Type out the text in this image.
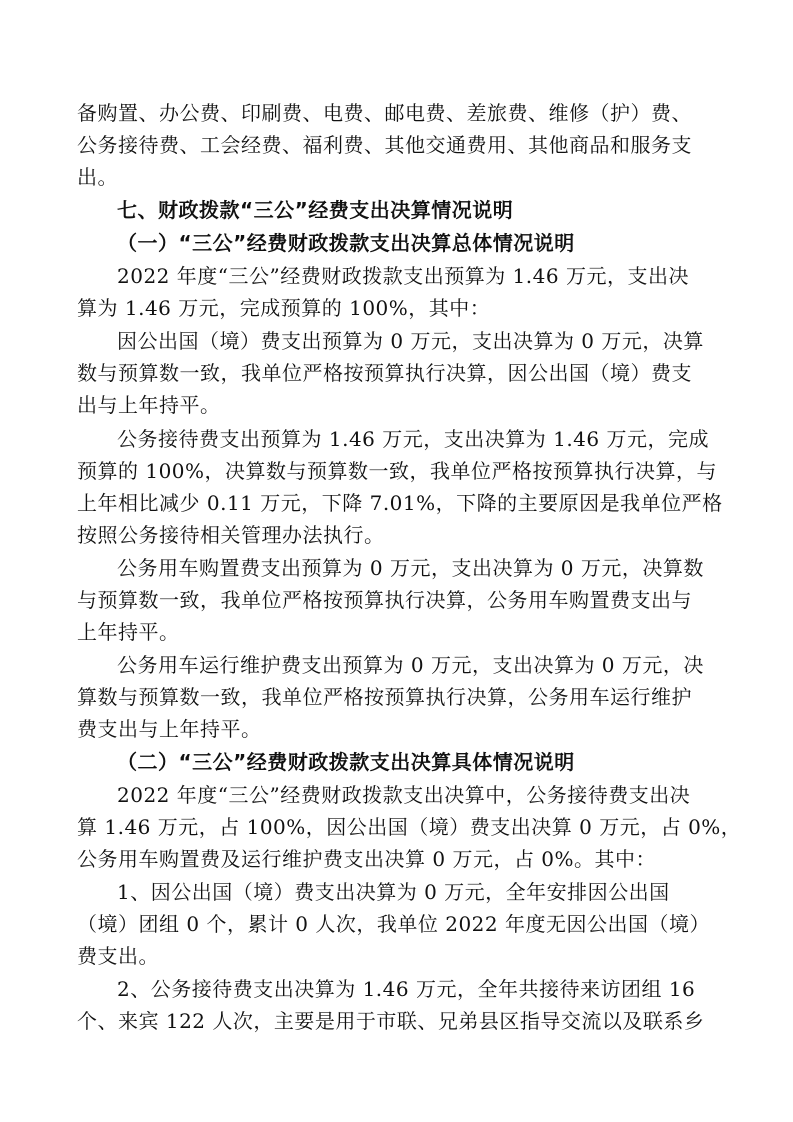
备购置、办公费、印刷费、电费、邮电费、差旅费、维修（护）费、
公务接待费、工会经费、福利费、其他交通费用、其他商品和服务支
出。
七、财政拨款“三公”经费支出决算情况说明
（一）“三公”经费财政拨款支出决算总体情况说明
2022 年度“三公”经费财政拨款支出预算为 1.46 万元，支出决
算为 1.46 万元，完成预算的 100%，其中：
因公出国（境）费支出预算为 0 万元，支出决算为 0 万元，决算
数与预算数一致，我单位严格按预算执行决算，因公出国（境）费支
出与上年持平。
公务接待费支出预算为 1.46 万元，支出决算为 1.46 万元，完成
预算的 100%，决算数与预算数一致，我单位严格按预算执行决算，与
上年相比减少 0.11 万元，下降 7.01%，下降的主要原因是我单位严格
按照公务接待相关管理办法执行。
公务用车购置费支出预算为 0 万元，支出决算为 0 万元，决算数
与预算数一致，我单位严格按预算执行决算，公务用车购置费支出与
上年持平。
公务用车运行维护费支出预算为 0 万元，支出决算为 0 万元，决
算数与预算数一致，我单位严格按预算执行决算，公务用车运行维护
费支出与上年持平。
（二）“三公”经费财政拨款支出决算具体情况说明
2022 年度“三公”经费财政拨款支出决算中，公务接待费支出决
算 1.46 万元，占 100%，因公出国（境）费支出决算 0 万元，占 0%，
公务用车购置费及运行维护费支出决算 0 万元，占 0%。其中：
1、因公出国（境）费支出决算为 0 万元，全年安排因公出国
（境）团组 0 个，累计 0 人次，我单位 2022 年度无因公出国（境）
费支出。
2、公务接待费支出决算为 1.46 万元，全年共接待来访团组 16
个、来宾 122 人次，主要是用于市联、兄弟县区指导交流以及联系乡
